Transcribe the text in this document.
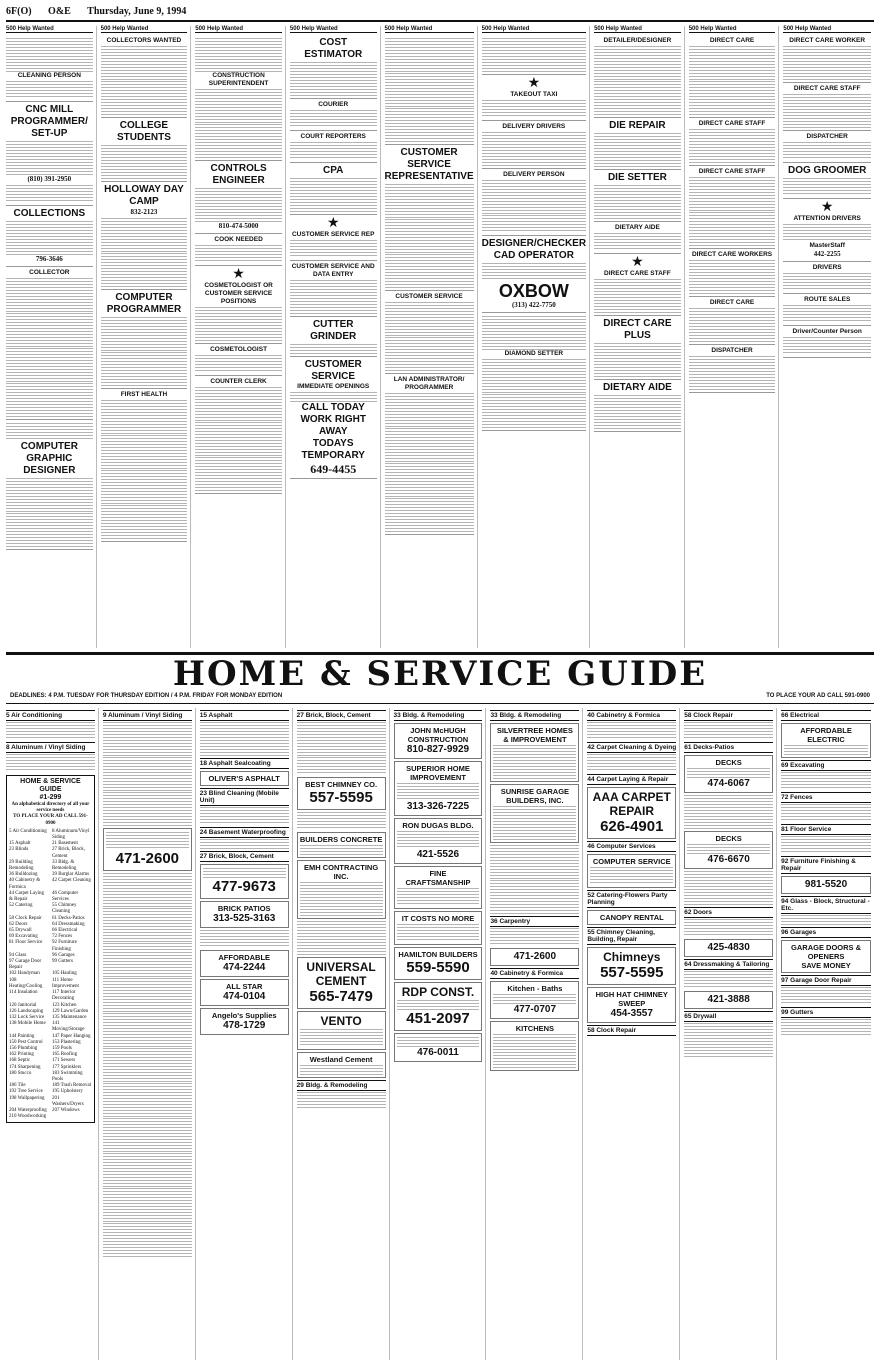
6F(O) O&E Thursday, June 9, 1994
500 Help Wanted
CLEANING PERSON
CNC MILL PROGRAMMER/ SET-UP
(810) 391-2950
COLLECTIONS
796-3646
COLLECTOR
COMPUTER GRAPHIC DESIGNER
500 Help Wanted
COLLECTORS WANTED
COLLEGE STUDENTS
HOLLOWAY DAY CAMP
832-2123
COMPUTER PROGRAMMER
FIRST HEALTH
500 Help Wanted
CONSTRUCTION SUPERINTENDENT
CONTROLS ENGINEER
810-474-5000
COOK NEEDED
★
COSMETOLOGIST OR CUSTOMER SERVICE POSITIONS
COSMETOLOGIST
COUNTER CLERK
500 Help Wanted
COST ESTIMATOR
COURIER
COURT REPORTERS
CPA
★
CUSTOMER SERVICE REP
CUSTOMER SERVICE AND DATA ENTRY
CUTTER GRINDER
CUSTOMER SERVICE
IMMEDIATE OPENINGS
CALL TODAY WORK RIGHT AWAY
TODAYS TEMPORARY
649-4455
500 Help Wanted
CUSTOMER SERVICE REPRESENTATIVE
CUSTOMER SERVICE
LAN ADMINISTRATOR/ PROGRAMMER
500 Help Wanted
★
TAKEOUT TAXI
DELIVERY DRIVERS
DELIVERY PERSON
DESIGNER/CHECKER CAD OPERATOR
OXBOW
(313) 422-7750
DIAMOND SETTER
500 Help Wanted
DETAILER/DESIGNER
DIE REPAIR
DIE SETTER
DIETARY AIDE
★
DIRECT CARE STAFF
DIRECT CARE PLUS
DIETARY AIDE
500 Help Wanted
DIRECT CARE
DIRECT CARE STAFF
DIRECT CARE STAFF
DIRECT CARE WORKERS
DIRECT CARE
DISPATCHER
500 Help Wanted
DIRECT CARE WORKER
DIRECT CARE STAFF
DISPATCHER
DOG GROOMER
★
ATTENTION DRIVERS
MasterStaff
442-2255
DRIVERS
ROUTE SALES
Driver/Counter Person
HOME & SERVICE GUIDE
DEADLINES: 4 P.M. TUESDAY FOR THURSDAY EDITION / 4 P.M. FRIDAY FOR MONDAY EDITION	TO PLACE YOUR AD CALL 591-0900
5 Air Conditioning
8 Aluminum / Vinyl Siding
HOME & SERVICE GUIDE
#1-299
An alphabetical directory of all your service needs
TO PLACE YOUR AD CALL 591-0900
5 Air Conditioning	8 Aluminum/Vinyl Siding
15 Asphalt	21 Basement
23 Blinds	27 Brick, Block, Cement
29 Building Remodeling
33 Bldg. & Remodeling
36 Bulldozing	39 Burglar Alarms
40 Cabinetry & Formica
42 Carpet Cleaning
44 Carpet Laying & Repair
46 Computer Services
52 Catering	55 Chimney Cleaning
58 Clock Repair	61 Decks-Patios
62 Doors	64 Dressmaking
65 Drywall	66 Electrical
69 Excavating	72 Fences
81 Floor Service	92 Furniture Finishing
94 Glass	96 Garages
97 Garage Door Repair
99 Gutters
102 Handyman	105 Hauling
108 Heating/Cooling
111 Home Improvement
114 Insulation	117 Interior Decorating
120 Janitorial	123 Kitchen
126 Landscaping	129 Lawn/Garden
132 Lock Service	135 Maintenance
138 Mobile Home	141 Moving/Storage
144 Painting	147 Paper Hanging
150 Pest Control	153 Plastering
156 Plumbing	159 Pools
162 Printing	165 Roofing
168 Septic	171 Sewers
174 Sharpening	177 Sprinklers
180 Stucco	183 Swimming Pools
186 Tile	189 Trash Removal
192 Tree Service	195 Upholstery
198 Wallpapering	201 Washers/Dryers
204 Waterproofing	207 Windows
210 Woodworking
9 Aluminum / Vinyl Siding
471-2600
15 Asphalt
18 Asphalt Sealcoating
OLIVER'S ASPHALT
23 Blind Cleaning (Mobile Unit)
24 Basement Waterproofing
27 Brick, Block, Cement
477-9673
BRICK PATIOS
313-525-3163
AFFORDABLE
474-2244
ALL STAR
474-0104
Angelo's Supplies
478-1729
27 Brick, Block, Cement
BEST CHIMNEY CO.
557-5595
BUILDERS CONCRETE
EMH CONTRACTING INC.
UNIVERSAL CEMENT
565-7479
VENTO
Westland Cement
29 Bldg. & Remodeling
33 Bldg. & Remodeling
JOHN McHUGH CONSTRUCTION
810-827-9929
SUPERIOR HOME IMPROVEMENT
313-326-7225
RON DUGAS BLDG.
421-5526
FINE CRAFTSMANSHIP
IT COSTS NO MORE
HAMILTON BUILDERS
559-5590
RDP CONST.
451-2097
476-0011
33 Bldg. & Remodeling
SILVERTREE HOMES & IMPROVEMENT
SUNRISE GARAGE BUILDERS, INC.
36 Carpentry
471-2600
40 Cabinetry & Formica
Kitchen - Baths
477-0707
KITCHENS
40 Cabinetry & Formica
42 Carpet Cleaning & Dyeing
44 Carpet Laying & Repair
AAA CARPET REPAIR
626-4901
46 Computer Services
COMPUTER SERVICE
52 Catering-Flowers Party Planning
CANOPY RENTAL
55 Chimney Cleaning, Building, Repair
Chimneys
557-5595
HIGH HAT CHIMNEY SWEEP
454-3557
58 Clock Repair
58 Clock Repair
61 Decks-Patios
DECKS
474-6067
DECKS
476-6670
62 Doors
425-4830
64 Dressmaking & Tailoring
421-3888
65 Drywall
66 Electrical
AFFORDABLE ELECTRIC
69 Excavating
72 Fences
81 Floor Service
92 Furniture Finishing & Repair
981-5520
94 Glass - Block, Structural - Etc.
96 Garages
GARAGE DOORS & OPENERS
SAVE MONEY
97 Garage Door Repair
99 Gutters
